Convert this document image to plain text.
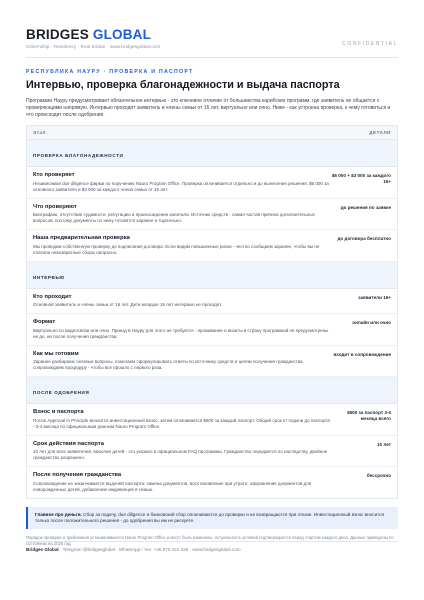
BRIDGES GLOBAL
Citizenship · Residency · Real Estate · www.bridgesglobal.com	CONFIDENTIAL
РЕСПУБЛИКА НАУРУ · ПРОВЕРКА И ПАСПОРТ
Интервью, проверка благонадежности и выдача паспорта
Программа Науру предусматривает обязательное интервью - это ключевое отличие от большинства карибских программ, где заявитель не общается с проверяющими напрямую. Интервью проходят заявитель и члены семьи от 16 лет, виртуально или очно. Ниже - как устроена проверка, к чему готовиться и что происходит после одобрения.
Этап	ДЕТАЛИ
ПРОВЕРКА БЛАГОНАДЕЖНОСТИ
Кто проверяет
Независимая due diligence фирма по поручению Nauru Program Office. Проверка оплачивается отдельно и до вынесения решения: $6 000 за основного заявителя и $3 000 за каждого члена семьи от 16 лет.
$6 000 + $3 000 за каждого 16+
Что проверяют
Биографию, отсутствие судимости, репутацию и происхождение капитала. Источник средств - самая частая причина дополнительных вопросов, поэтому документы по нему готовятся заранее и тщательно.
до решения по заявке
Наша предварительная проверка
Мы проводим собственную проверку до подписания договора. Если видим повышенные риски - честно сообщаем заранее, чтобы вы не платили невозвратные сборы напрасно.
до договора бесплатно
ИНТЕРВЬЮ
Кто проходит
Основной заявитель и члены семьи от 16 лет. Дети младше 16 лет интервью не проходят.
заявители 16+
Формат
Виртуально по видеосвязи или очно. Приезд в Науру для этого не требуется - проживание и визиты в страну программой не предусмотрены ни до, ни после получения гражданства.
онлайн или очно
Как мы готовим
Заранее разбираем типовые вопросы, помогаем сформулировать ответы по источнику средств и целям получения гражданства, сопровождаем процедуру - чтобы все прошло с первого раза.
входит в сопровождение
ПОСЛЕ ОДОБРЕНИЯ
Взнос и паспорта
После Approval in Principle вносится инвестиционный взнос, затем оплачивается $500 за каждый паспорт. Общий срок от подачи до паспорта - 3-4 месяца по официальным данным Nauru Program Office.
$500 за паспорт 3-4 месяца всего
Срок действия паспорта
10 лет для всех заявителей, включая детей - это указано в официальном FAQ программы. Гражданство передается по наследству, двойное гражданство разрешено.
10 лет
После получения гражданства
Сопровождение не заканчивается выдачей паспорта: замена документов, восстановление при утрате, оформление документов для новорожденных детей, добавление иждивенцев в семью.
бессрочно
Главное про деньги. Сбор за подачу, due diligence и банковский сбор оплачиваются до проверки и не возвращаются при отказе. Инвестиционный взнос вносится только после положительного решения - до одобрения вы им не рискуете.
Порядок проверки и требования устанавливаются Nauru Program Office и могут быть изменены. Актуальность условий подтверждается перед стартом каждого дела. Данные приведены по состоянию на 2026 год.
Bridges Global · Telegram @bridgesglobal · WhatsApp / тел. +36 670 421 328 · www.bridgesglobal.com
